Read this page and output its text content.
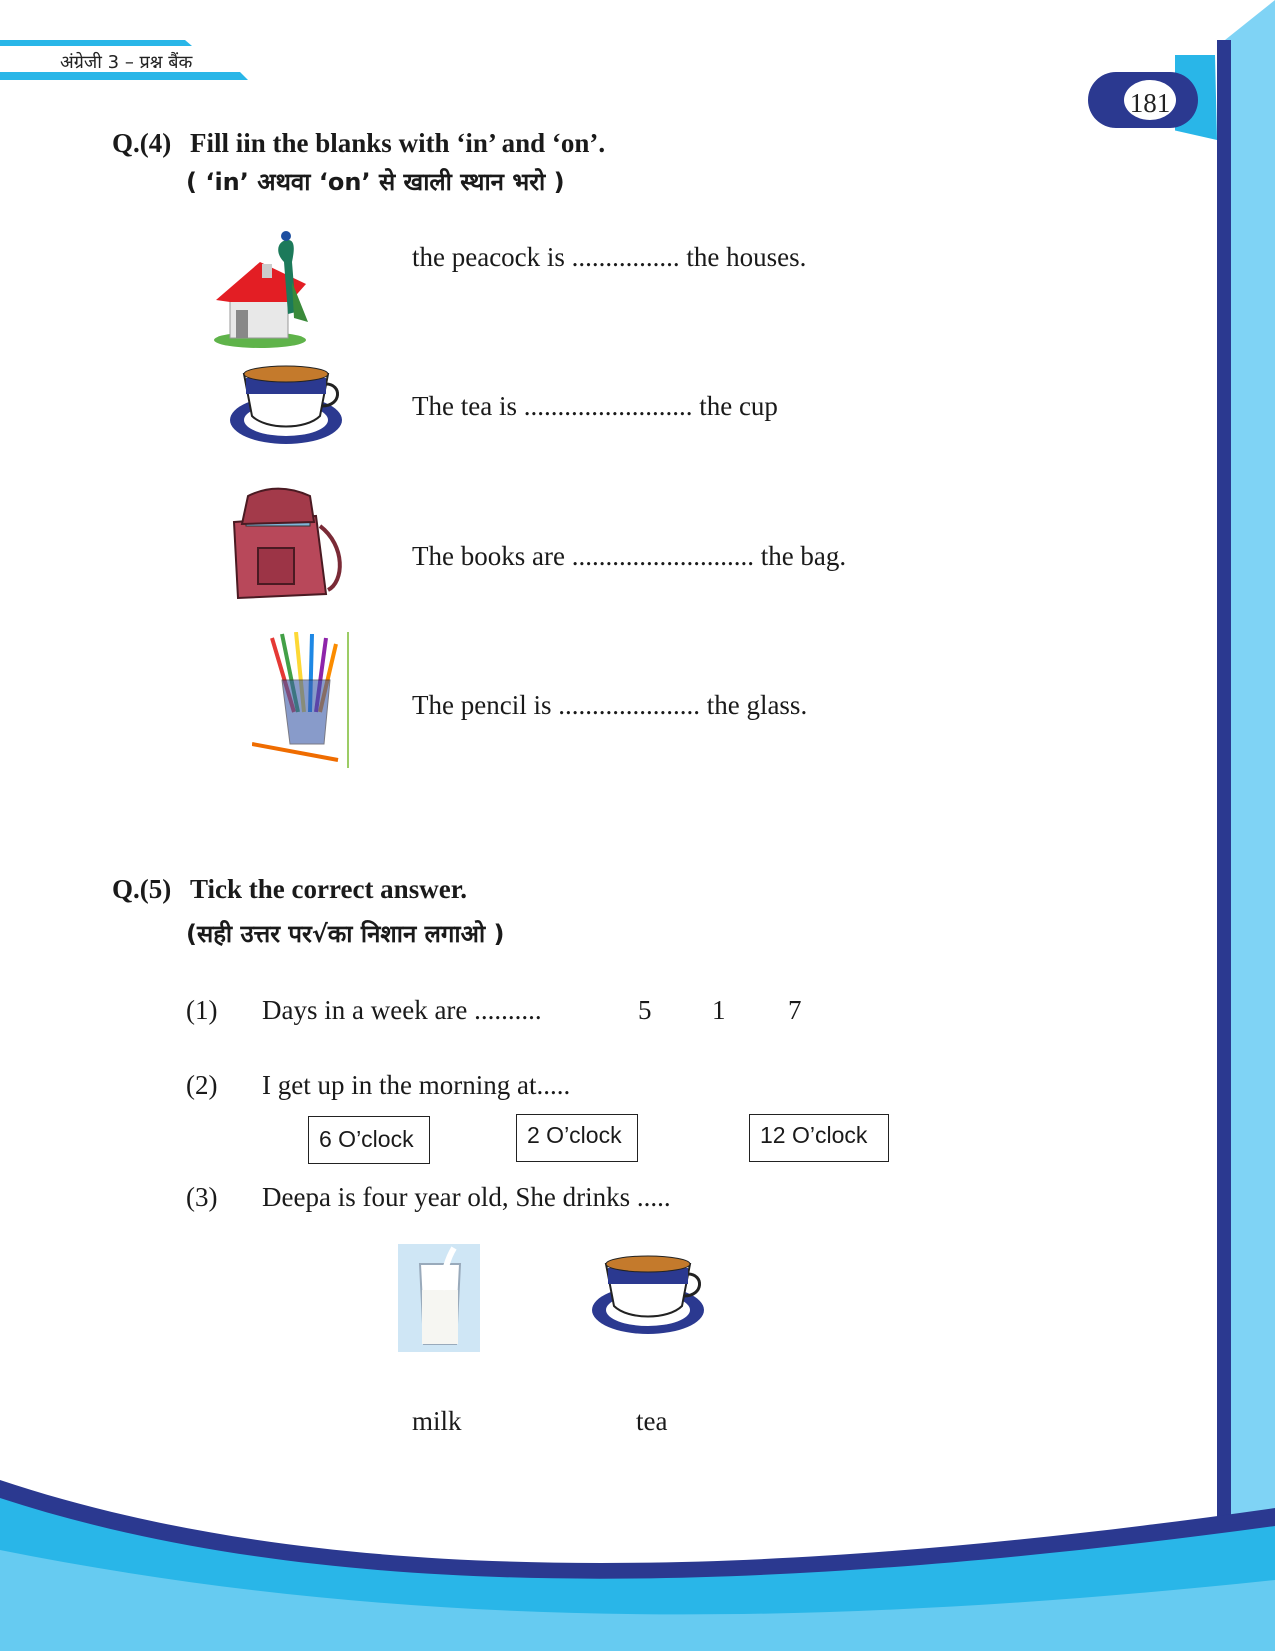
अंग्रेजी 3 – प्रश्न बैंक
181
Q.(4) Fill iin the blanks with ‘in’ and ‘on’.
( ‘in’ अथवा ‘on’ से खाली स्थान भरो )
the peacock is ................ the houses.
The tea is ......................... the cup
The books are ........................... the bag.
The pencil is ..................... the glass.
Q.(5) Tick the correct answer.
(सही उत्तर पर√का निशान लगाओ )
(1) Days in a week are ..........	5 1 7
(2) I get up in the morning at.....
6 O’clock	2 O’clock	12 O’clock
(3) Deepa is four year old, She drinks .....
milk	tea
